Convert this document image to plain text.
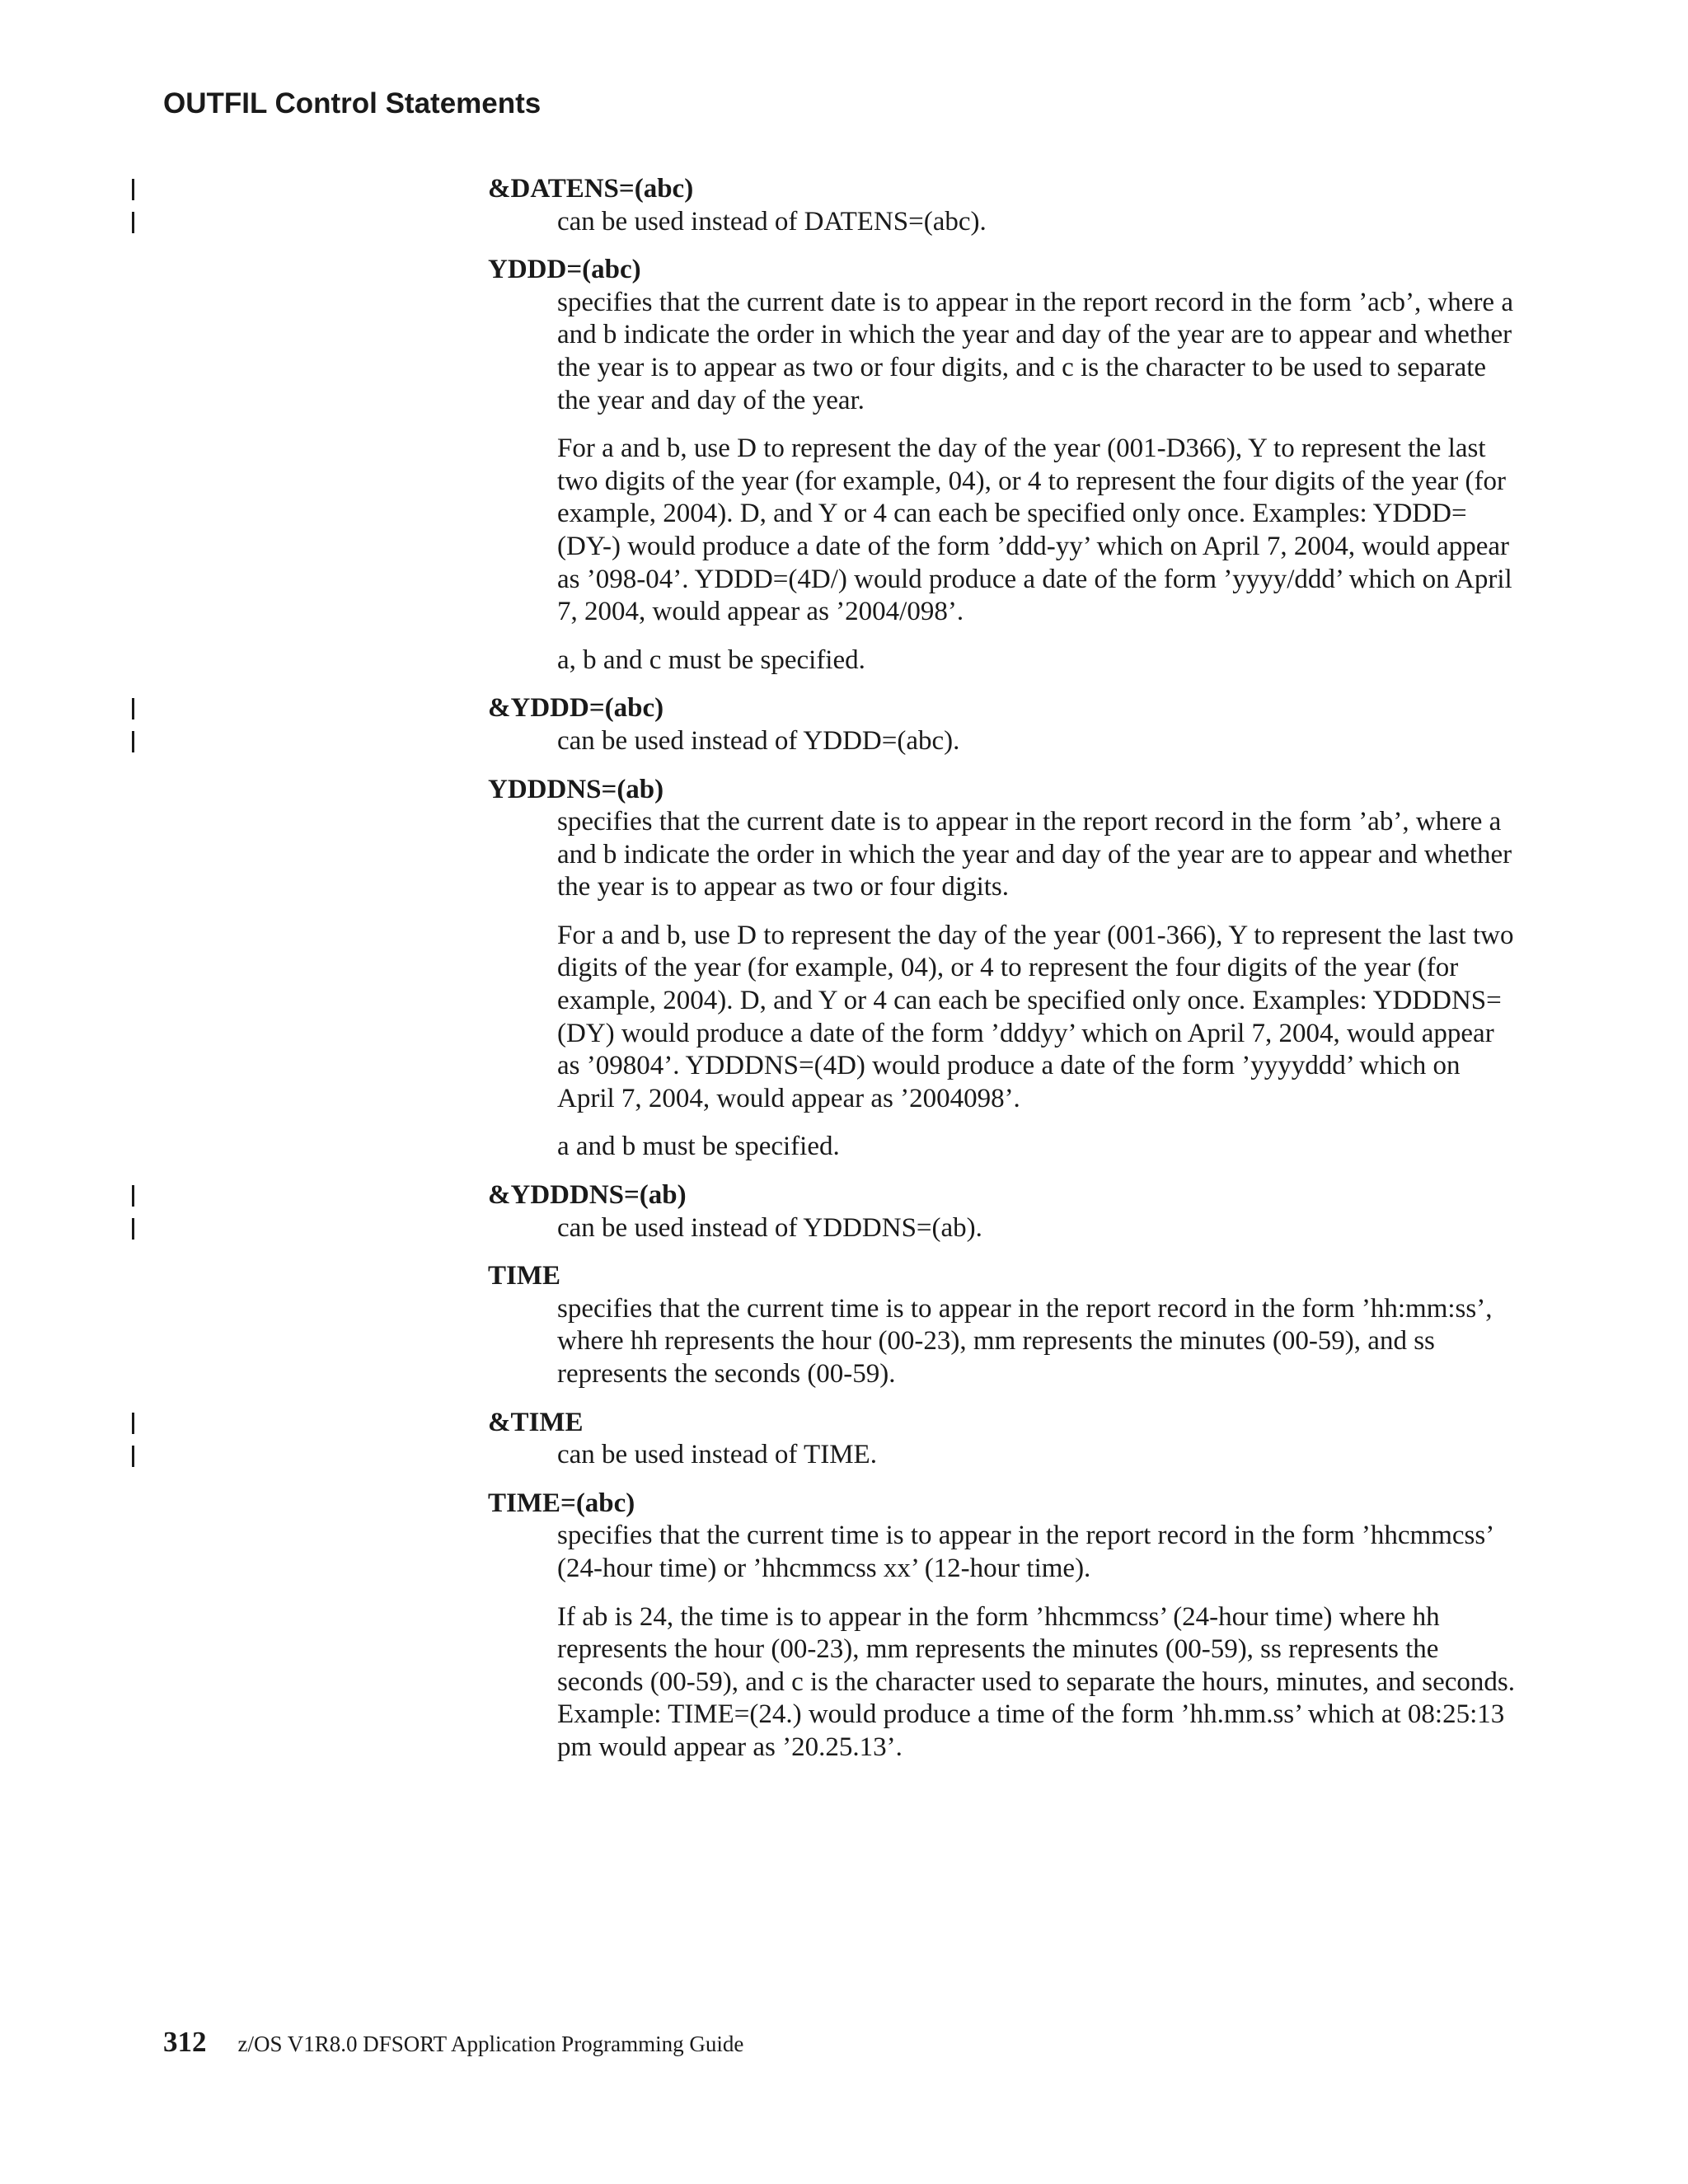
OUTFIL Control Statements
&DATENS=(abc)

can be used instead of DATENS=(abc).

YDDD=(abc)

specifies that the current date is to appear in the report record in the form ’acb’, where a and b indicate the order in which the year and day of the year are to appear and whether the year is to appear as two or four digits, and c is the character to be used to separate the year and day of the year.

For a and b, use D to represent the day of the year (001-D366), Y to represent the last two digits of the year (for example, 04), or 4 to represent the four digits of the year (for example, 2004). D, and Y or 4 can each be specified only once. Examples: YDDD=(DY-) would produce a date of the form ’ddd-yy’ which on April 7, 2004, would appear as ’098-04’. YDDD=(4D/) would produce a date of the form ’yyyy/ddd’ which on April 7, 2004, would appear as ’2004/098’.

a, b and c must be specified.

&YDDD=(abc)

can be used instead of YDDD=(abc).

YDDDNS=(ab)

specifies that the current date is to appear in the report record in the form ’ab’, where a and b indicate the order in which the year and day of the year are to appear and whether the year is to appear as two or four digits.

For a and b, use D to represent the day of the year (001-366), Y to represent the last two digits of the year (for example, 04), or 4 to represent the four digits of the year (for example, 2004). D, and Y or 4 can each be specified only once. Examples: YDDDNS=(DY) would produce a date of the form ’dddyy’ which on April 7, 2004, would appear as ’09804’. YDDDNS=(4D) would produce a date of the form ’yyyyddd’ which on April 7, 2004, would appear as ’2004098’.

a and b must be specified.

&YDDDNS=(ab)

can be used instead of YDDDNS=(ab).

TIME

specifies that the current time is to appear in the report record in the form ’hh:mm:ss’, where hh represents the hour (00-23), mm represents the minutes (00-59), and ss represents the seconds (00-59).

&TIME

can be used instead of TIME.

TIME=(abc)

specifies that the current time is to appear in the report record in the form ’hhcmmcss’ (24-hour time) or ’hhcmmcss xx’ (12-hour time).

If ab is 24, the time is to appear in the form ’hhcmmcss’ (24-hour time) where hh represents the hour (00-23), mm represents the minutes (00-59), ss represents the seconds (00-59), and c is the character used to separate the hours, minutes, and seconds. Example: TIME=(24.) would produce a time of the form ’hh.mm.ss’ which at 08:25:13 pm would appear as ’20.25.13’.

312 z/OS V1R8.0 DFSORT Application Programming Guide
